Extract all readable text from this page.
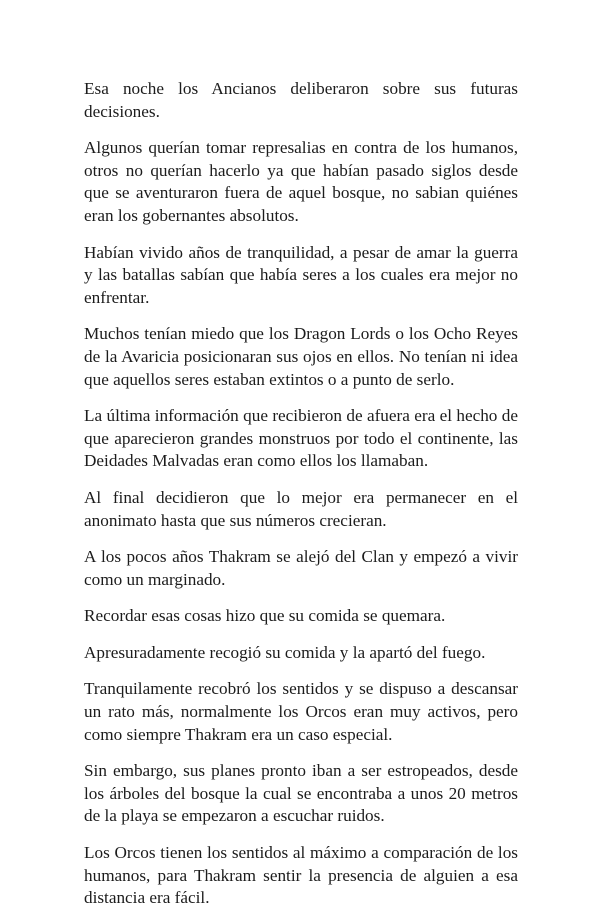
Esa noche los Ancianos deliberaron sobre sus futuras decisiones.

Algunos querían tomar represalias en contra de los humanos, otros no querían hacerlo ya que habían pasado siglos desde que se aventuraron fuera de aquel bosque, no sabian quiénes eran los gobernantes absolutos.

Habían vivido años de tranquilidad, a pesar de amar la guerra y las batallas sabían que había seres a los cuales era mejor no enfrentar.

Muchos tenían miedo que los Dragon Lords o los Ocho Reyes de la Avaricia posicionaran sus ojos en ellos. No tenían ni idea que aquellos seres estaban extintos o a punto de serlo.

La última información que recibieron de afuera era el hecho de que aparecieron grandes monstruos por todo el continente, las Deidades Malvadas eran como ellos los llamaban.

Al final decidieron que lo mejor era permanecer en el anonimato hasta que sus números crecieran.

A los pocos años Thakram se alejó del Clan y empezó a vivir como un marginado.

Recordar esas cosas hizo que su comida se quemara.

Apresuradamente recogió su comida y la apartó del fuego.

Tranquilamente recobró los sentidos y se dispuso a descansar un rato más, normalmente los Orcos eran muy activos, pero como siempre Thakram era un caso especial.

Sin embargo, sus planes pronto iban a ser estropeados, desde los árboles del bosque la cual se encontraba a unos 20 metros de la playa se empezaron a escuchar ruidos.

Los Orcos tienen los sentidos al máximo a comparación de los humanos, para Thakram sentir la presencia de alguien a esa distancia era fácil.
